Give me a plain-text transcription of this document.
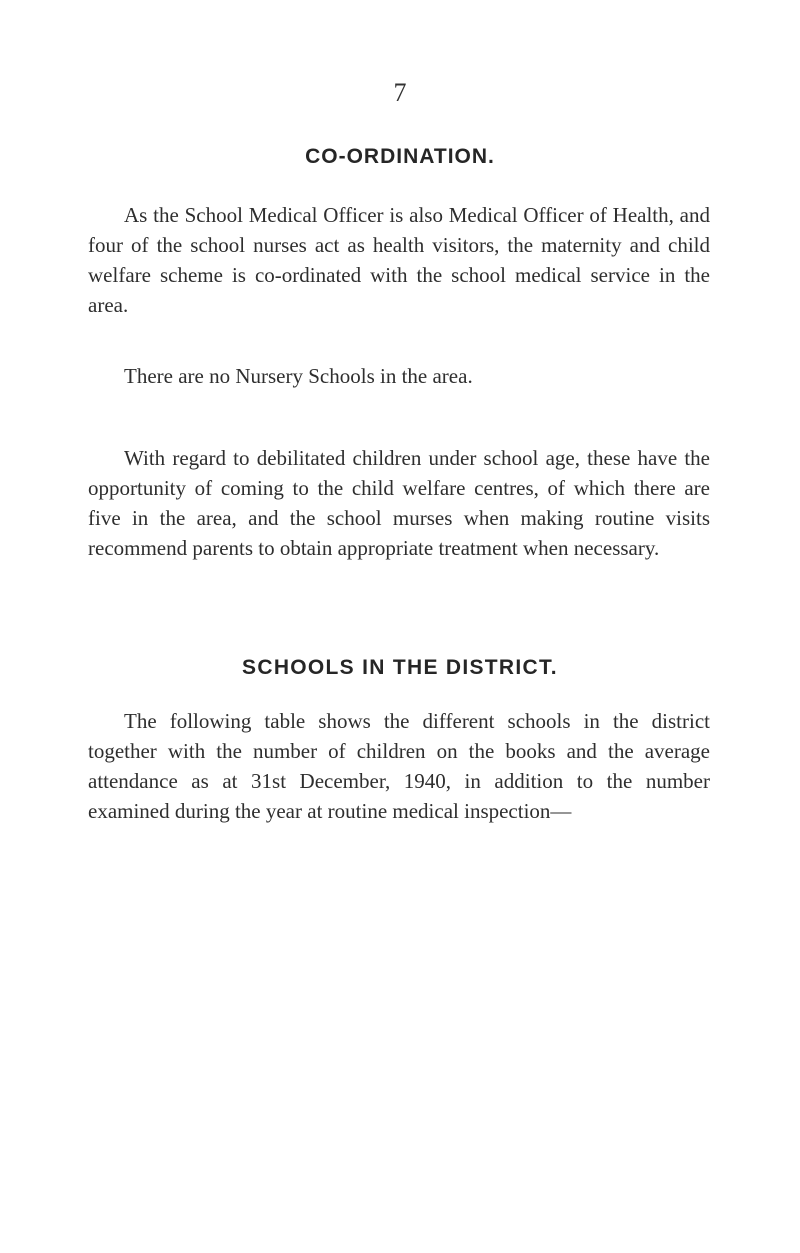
7
CO-ORDINATION.

As the School Medical Officer is also Medical Officer of Health, and four of the school nurses act as health visitors, the maternity and child welfare scheme is co-ordinated with the school medical service in the area.

There are no Nursery Schools in the area.

With regard to debilitated children under school age, these have the opportunity of coming to the child welfare centres, of which there are five in the area, and the school murses when making routine visits recommend parents to obtain appropriate treatment when necessary.

SCHOOLS IN THE DISTRICT.

The following table shows the different schools in the district together with the number of children on the books and the average attendance as at 31st December, 1940, in addition to the number examined during the year at routine medical inspection—
